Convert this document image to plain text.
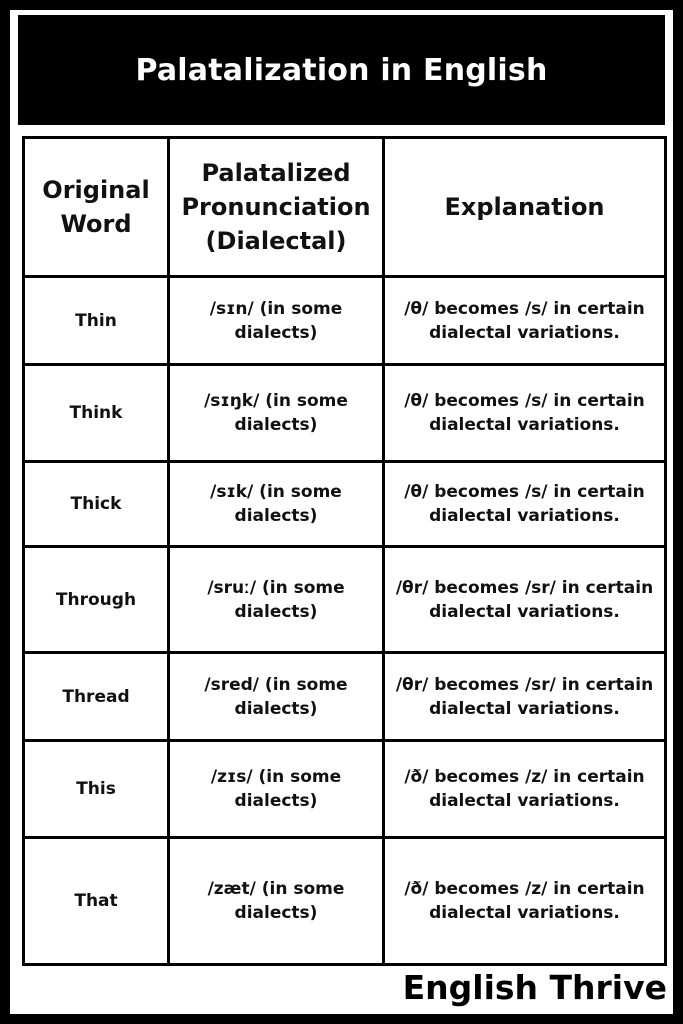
Palatalization in English
Original Word	Palatalized Pronunciation (Dialectal)	Explanation
Thin	/sɪn/ (in some dialects)	/θ/ becomes /s/ in certain dialectal variations.
Think	/sɪŋk/ (in some dialects)	/θ/ becomes /s/ in certain dialectal variations.
Thick	/sɪk/ (in some dialects)	/θ/ becomes /s/ in certain dialectal variations.
Through	/sruː/ (in some dialects)	/θr/ becomes /sr/ in certain dialectal variations.
Thread	/sred/ (in some dialects)	/θr/ becomes /sr/ in certain dialectal variations.
This	/zɪs/ (in some dialects)	/ð/ becomes /z/ in certain dialectal variations.
That	/zæt/ (in some dialects)	/ð/ becomes /z/ in certain dialectal variations.
English Thrive
